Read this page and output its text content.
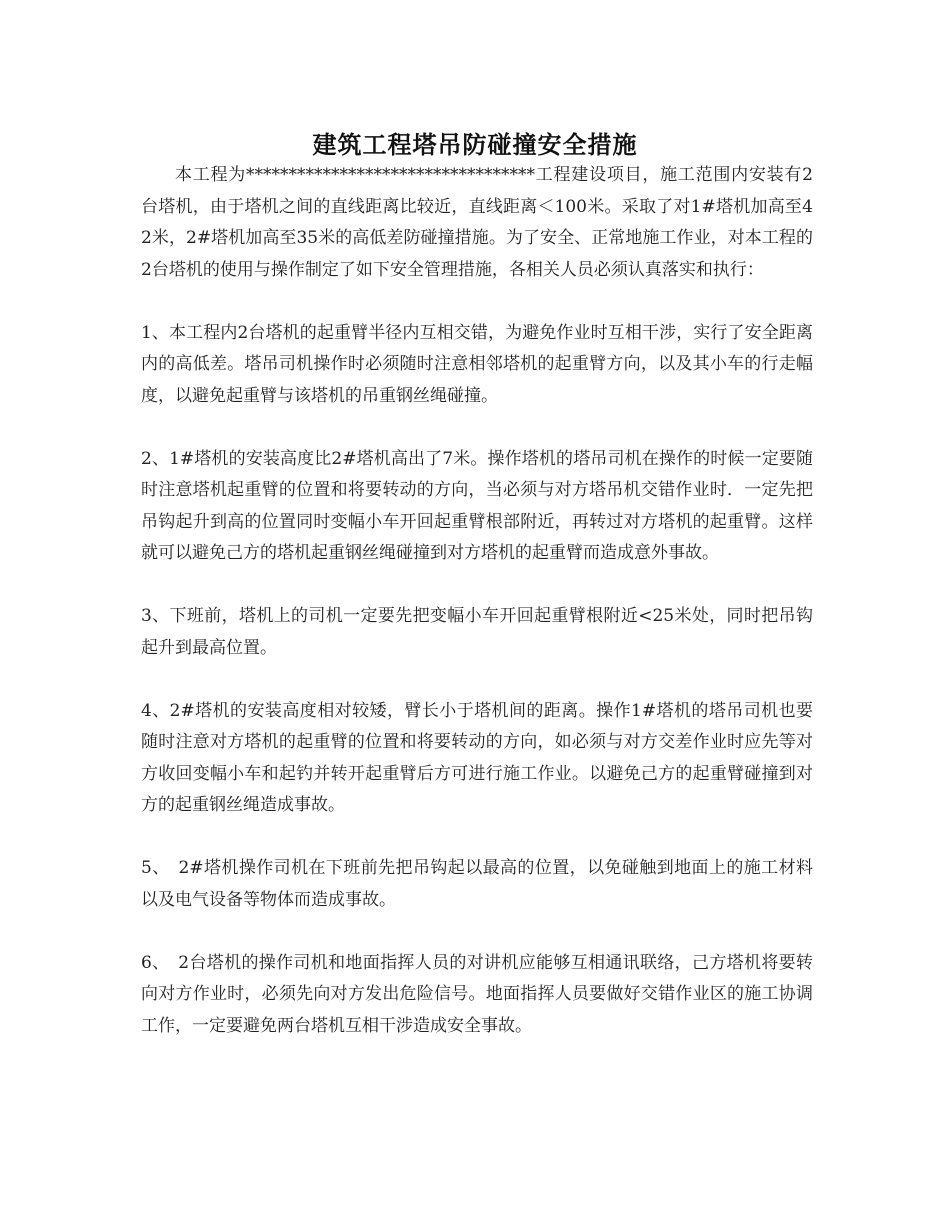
建筑工程塔吊防碰撞安全措施

本工程为**********************************工程建设项目，施工范围内安装有2台塔机，由于塔机之间的直线距离比较近，直线距离＜100米。采取了对1#塔机加高至42米，2#塔机加高至35米的高低差防碰撞措施。为了安全、正常地施工作业，对本工程的2台塔机的使用与操作制定了如下安全管理措施，各相关人员必须认真落实和执行：

1、本工程内2台塔机的起重臂半径内互相交错，为避免作业时互相干涉，实行了安全距离内的高低差。塔吊司机操作时必须随时注意相邻塔机的起重臂方向，以及其小车的行走幅度，以避免起重臂与该塔机的吊重钢丝绳碰撞。

2、1#塔机的安装高度比2#塔机高出了7米。操作塔机的塔吊司机在操作的时候一定要随时注意塔机起重臂的位置和将要转动的方向，当必须与对方塔吊机交错作业时．一定先把吊钩起升到高的位置同时变幅小车开回起重臂根部附近，再转过对方塔机的起重臂。这样就可以避免己方的塔机起重钢丝绳碰撞到对方塔机的起重臂而造成意外事故。

3、下班前，塔机上的司机一定要先把变幅小车开回起重臂根附近<25米处，同时把吊钩起升到最高位置。

4、2#塔机的安装高度相对较矮，臂长小于塔机间的距离。操作1#塔机的塔吊司机也要随时注意对方塔机的起重臂的位置和将要转动的方向，如必须与对方交差作业时应先等对方收回变幅小车和起钓并转开起重臂后方可进行施工作业。以避免己方的起重臂碰撞到对方的起重钢丝绳造成事故。

5、　2#塔机操作司机在下班前先把吊钩起以最高的位置，以免碰触到地面上的施工材料以及电气设备等物体而造成事故。

6、　2台塔机的操作司机和地面指挥人员的对讲机应能够互相通讯联络，己方塔机将要转向对方作业时，必须先向对方发出危险信号。地面指挥人员要做好交错作业区的施工协调工作，一定要避免两台塔机互相干涉造成安全事故。
